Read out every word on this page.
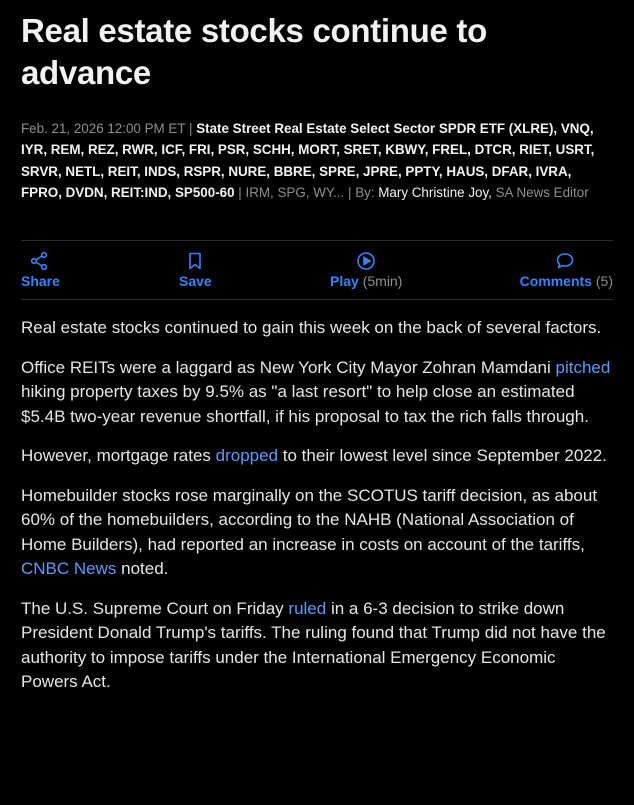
Real estate stocks continue to advance
Feb. 21, 2026 12:00 PM ET | State Street Real Estate Select Sector SPDR ETF (XLRE), VNQ, IYR, REM, REZ, RWR, ICF, FRI, PSR, SCHH, MORT, SRET, KBWY, FREL, DTCR, RIET, USRT, SRVR, NETL, REIT, INDS, RSPR, NURE, BBRE, SPRE, JPRE, PPTY, HAUS, DFAR, IVRA, FPRO, DVDN, REIT:IND, SP500-60 | IRM, SPG, WY... | By: Mary Christine Joy, SA News Editor
Share	Save	Play (5min)	Comments (5)

Real estate stocks continued to gain this week on the back of several factors.

Office REITs were a laggard as New York City Mayor Zohran Mamdani pitched hiking property taxes by 9.5% as "a last resort" to help close an estimated $5.4B two-year revenue shortfall, if his proposal to tax the rich falls through.

However, mortgage rates dropped to their lowest level since September 2022.

Homebuilder stocks rose marginally on the SCOTUS tariff decision, as about 60% of the homebuilders, according to the NAHB (National Association of Home Builders), had reported an increase in costs on account of the tariffs, CNBC News noted.

The U.S. Supreme Court on Friday ruled in a 6-3 decision to strike down President Donald Trump's tariffs. The ruling found that Trump did not have the authority to impose tariffs under the International Emergency Economic Powers Act.
